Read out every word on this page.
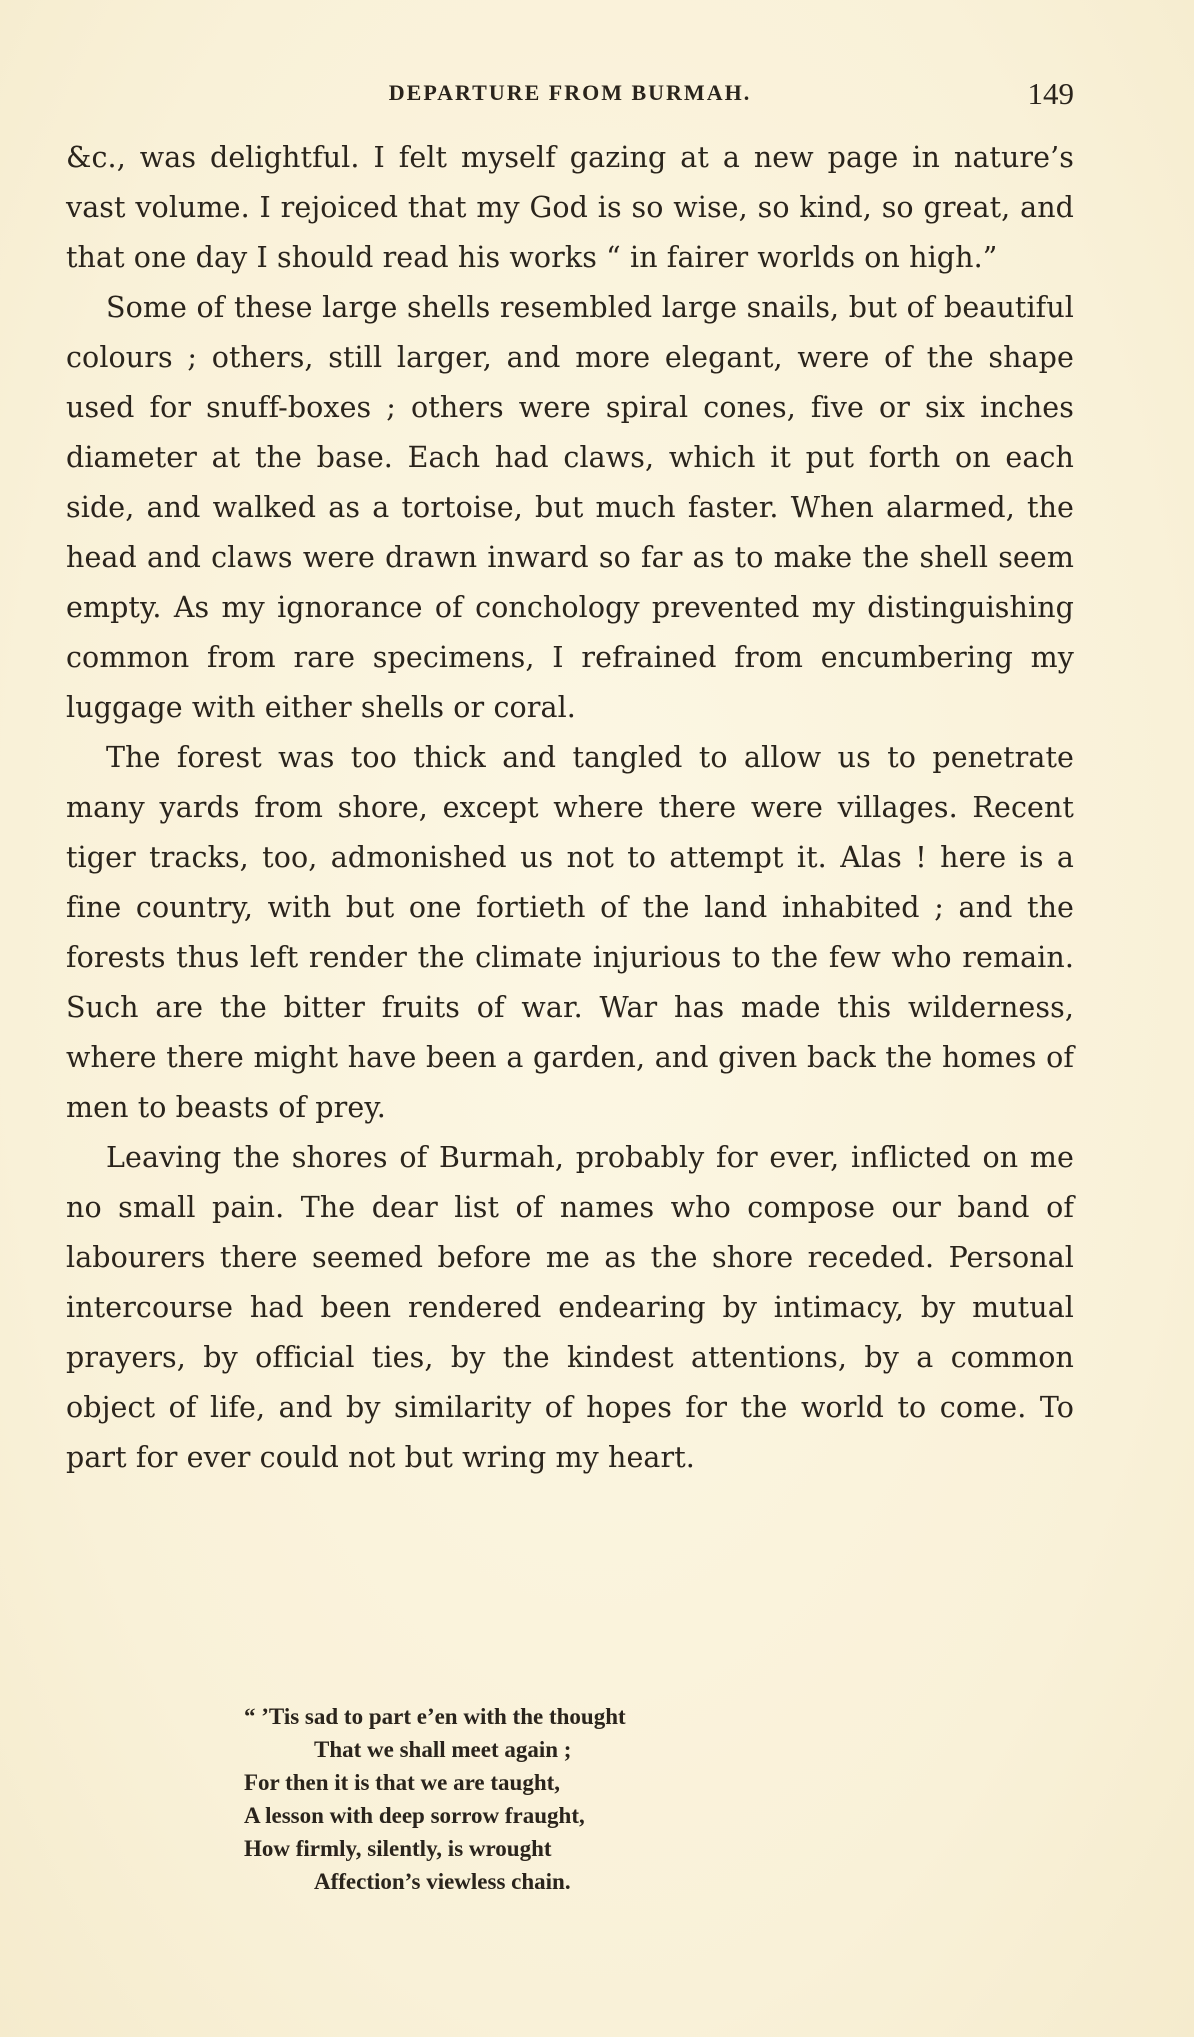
DEPARTURE FROM BURMAH.	149

&c., was delightful. I felt myself gazing at a new page in nature’s vast volume. I rejoiced that my God is so wise, so kind, so great, and that one day I should read his works “ in fairer worlds on high.”

Some of these large shells resembled large snails, but of beautiful colours ; others, still larger, and more elegant, were of the shape used for snuff-boxes ; others were spiral cones, five or six inches diameter at the base. Each had claws, which it put forth on each side, and walked as a tortoise, but much faster. When alarmed, the head and claws were drawn inward so far as to make the shell seem empty. As my ignorance of conchology prevented my distinguishing common from rare specimens, I refrained from encumbering my luggage with either shells or coral.

The forest was too thick and tangled to allow us to penetrate many yards from shore, except where there were villages. Recent tiger tracks, too, admonished us not to attempt it. Alas ! here is a fine country, with but one fortieth of the land inhabited ; and the forests thus left render the climate injurious to the few who remain. Such are the bitter fruits of war. War has made this wilderness, where there might have been a garden, and given back the homes of men to beasts of prey.

Leaving the shores of Burmah, probably for ever, inflicted on me no small pain. The dear list of names who compose our band of labourers there seemed before me as the shore receded. Personal intercourse had been rendered endearing by intimacy, by mutual prayers, by official ties, by the kindest attentions, by a common object of life, and by similarity of hopes for the world to come. To part for ever could not but wring my heart.

“ ’Tis sad to part e’en with the thought
That we shall meet again ;
For then it is that we are taught,
A lesson with deep sorrow fraught,
How firmly, silently, is wrought
Affection’s viewless chain.
